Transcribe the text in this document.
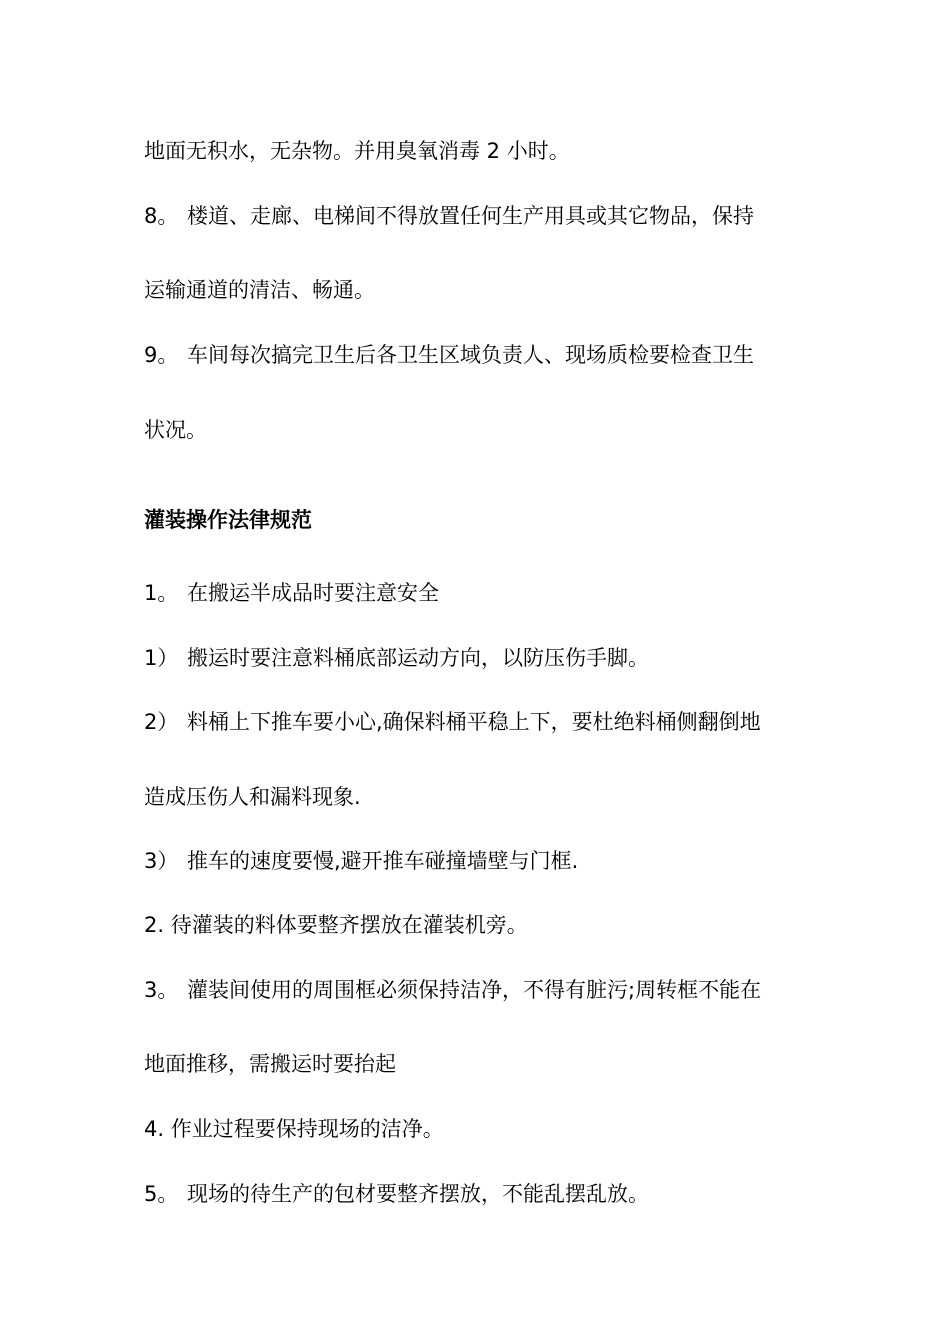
地面无积水，无杂物。并用臭氧消毒 2 小时。
8。 楼道、走廊、电梯间不得放置任何生产用具或其它物品，保持
运输通道的清洁、畅通。
9。 车间每次搞完卫生后各卫生区域负责人、现场质检要检查卫生
状况。
灌装操作法律规范
1。 在搬运半成品时要注意安全
1） 搬运时要注意料桶底部运动方向，以防压伤手脚。
2） 料桶上下推车要小心,确保料桶平稳上下，要杜绝料桶侧翻倒地
造成压伤人和漏料现象.
3） 推车的速度要慢,避开推车碰撞墙壁与门框.
2. 待灌装的料体要整齐摆放在灌装机旁。
3。 灌装间使用的周围框必须保持洁净，不得有脏污;周转框不能在
地面推移，需搬运时要抬起
4. 作业过程要保持现场的洁净。
5。 现场的待生产的包材要整齐摆放，不能乱摆乱放。
